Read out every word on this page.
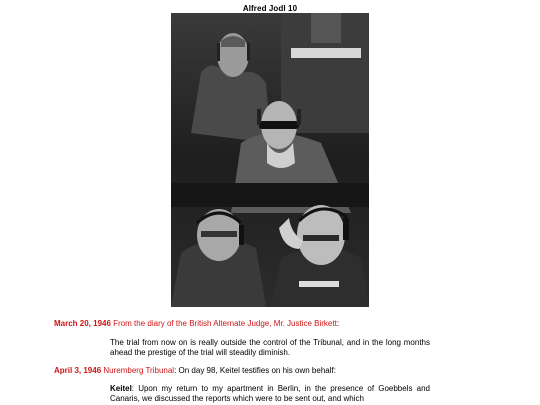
Alfred Jodl 10
March 20, 1946 From the diary of the British Alternate Judge, Mr. Justice Birkett:
The trial from now on is really outside the control of the Tribunal, and in the long months ahead the prestige of the trial will steadily diminish.
April 3, 1946 Nuremberg Tribunal: On day 98, Keitel testifies on his own behalf:
Keitel: Upon my return to my apartment in Berlin, in the presence of Goebbels and Canaris, we discussed the reports which were to be sent out, and which
